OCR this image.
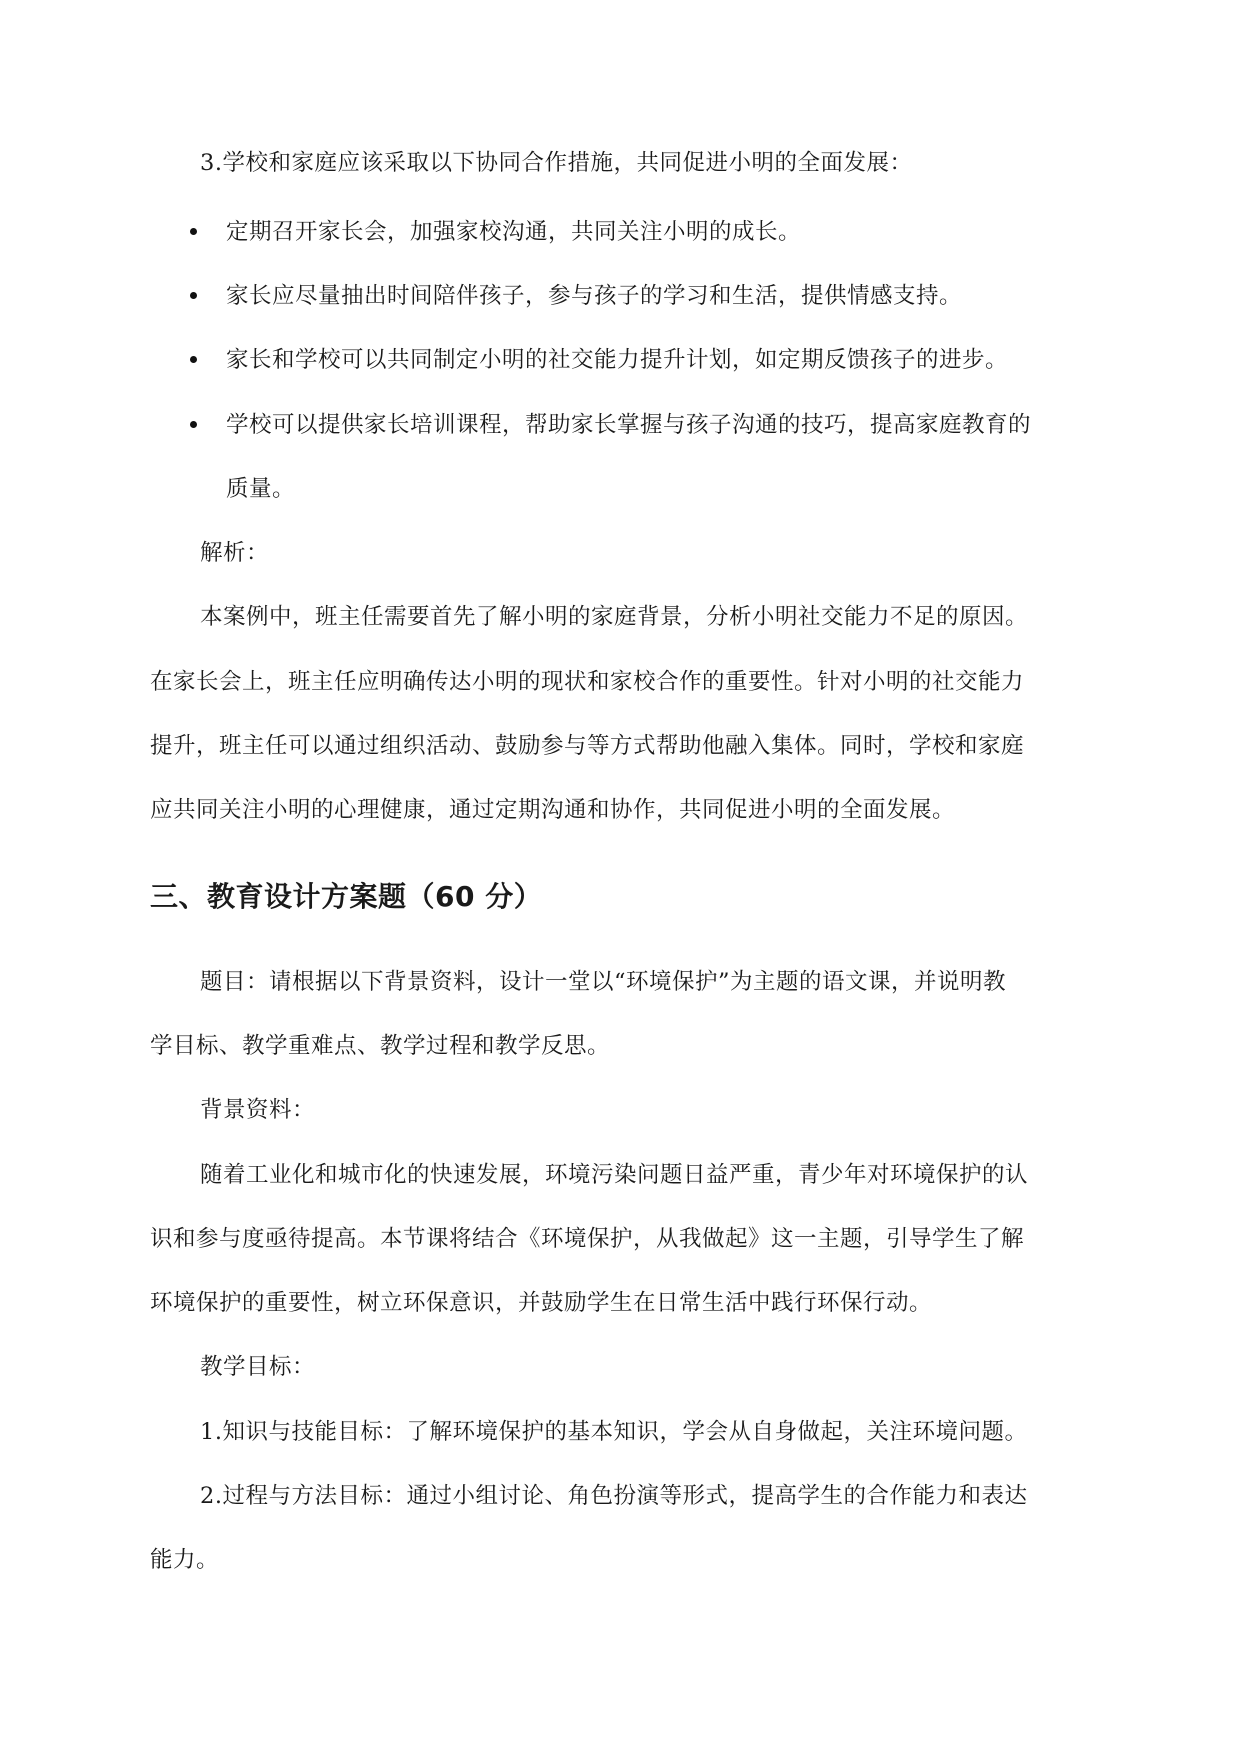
3.学校和家庭应该采取以下协同合作措施，共同促进小明的全面发展：
定期召开家长会，加强家校沟通，共同关注小明的成长。
家长应尽量抽出时间陪伴孩子，参与孩子的学习和生活，提供情感支持。
家长和学校可以共同制定小明的社交能力提升计划，如定期反馈孩子的进步。
学校可以提供家长培训课程，帮助家长掌握与孩子沟通的技巧，提高家庭教育的
质量。
解析：
本案例中，班主任需要首先了解小明的家庭背景，分析小明社交能力不足的原因。
在家长会上，班主任应明确传达小明的现状和家校合作的重要性。针对小明的社交能力
提升，班主任可以通过组织活动、鼓励参与等方式帮助他融入集体。同时，学校和家庭
应共同关注小明的心理健康，通过定期沟通和协作，共同促进小明的全面发展。
三、教育设计方案题（60 分）
题目：请根据以下背景资料，设计一堂以“环境保护”为主题的语文课，并说明教
学目标、教学重难点、教学过程和教学反思。
背景资料：
随着工业化和城市化的快速发展，环境污染问题日益严重，青少年对环境保护的认
识和参与度亟待提高。本节课将结合《环境保护，从我做起》这一主题，引导学生了解
环境保护的重要性，树立环保意识，并鼓励学生在日常生活中践行环保行动。
教学目标：
1.知识与技能目标：了解环境保护的基本知识，学会从自身做起，关注环境问题。
2.过程与方法目标：通过小组讨论、角色扮演等形式，提高学生的合作能力和表达
能力。
